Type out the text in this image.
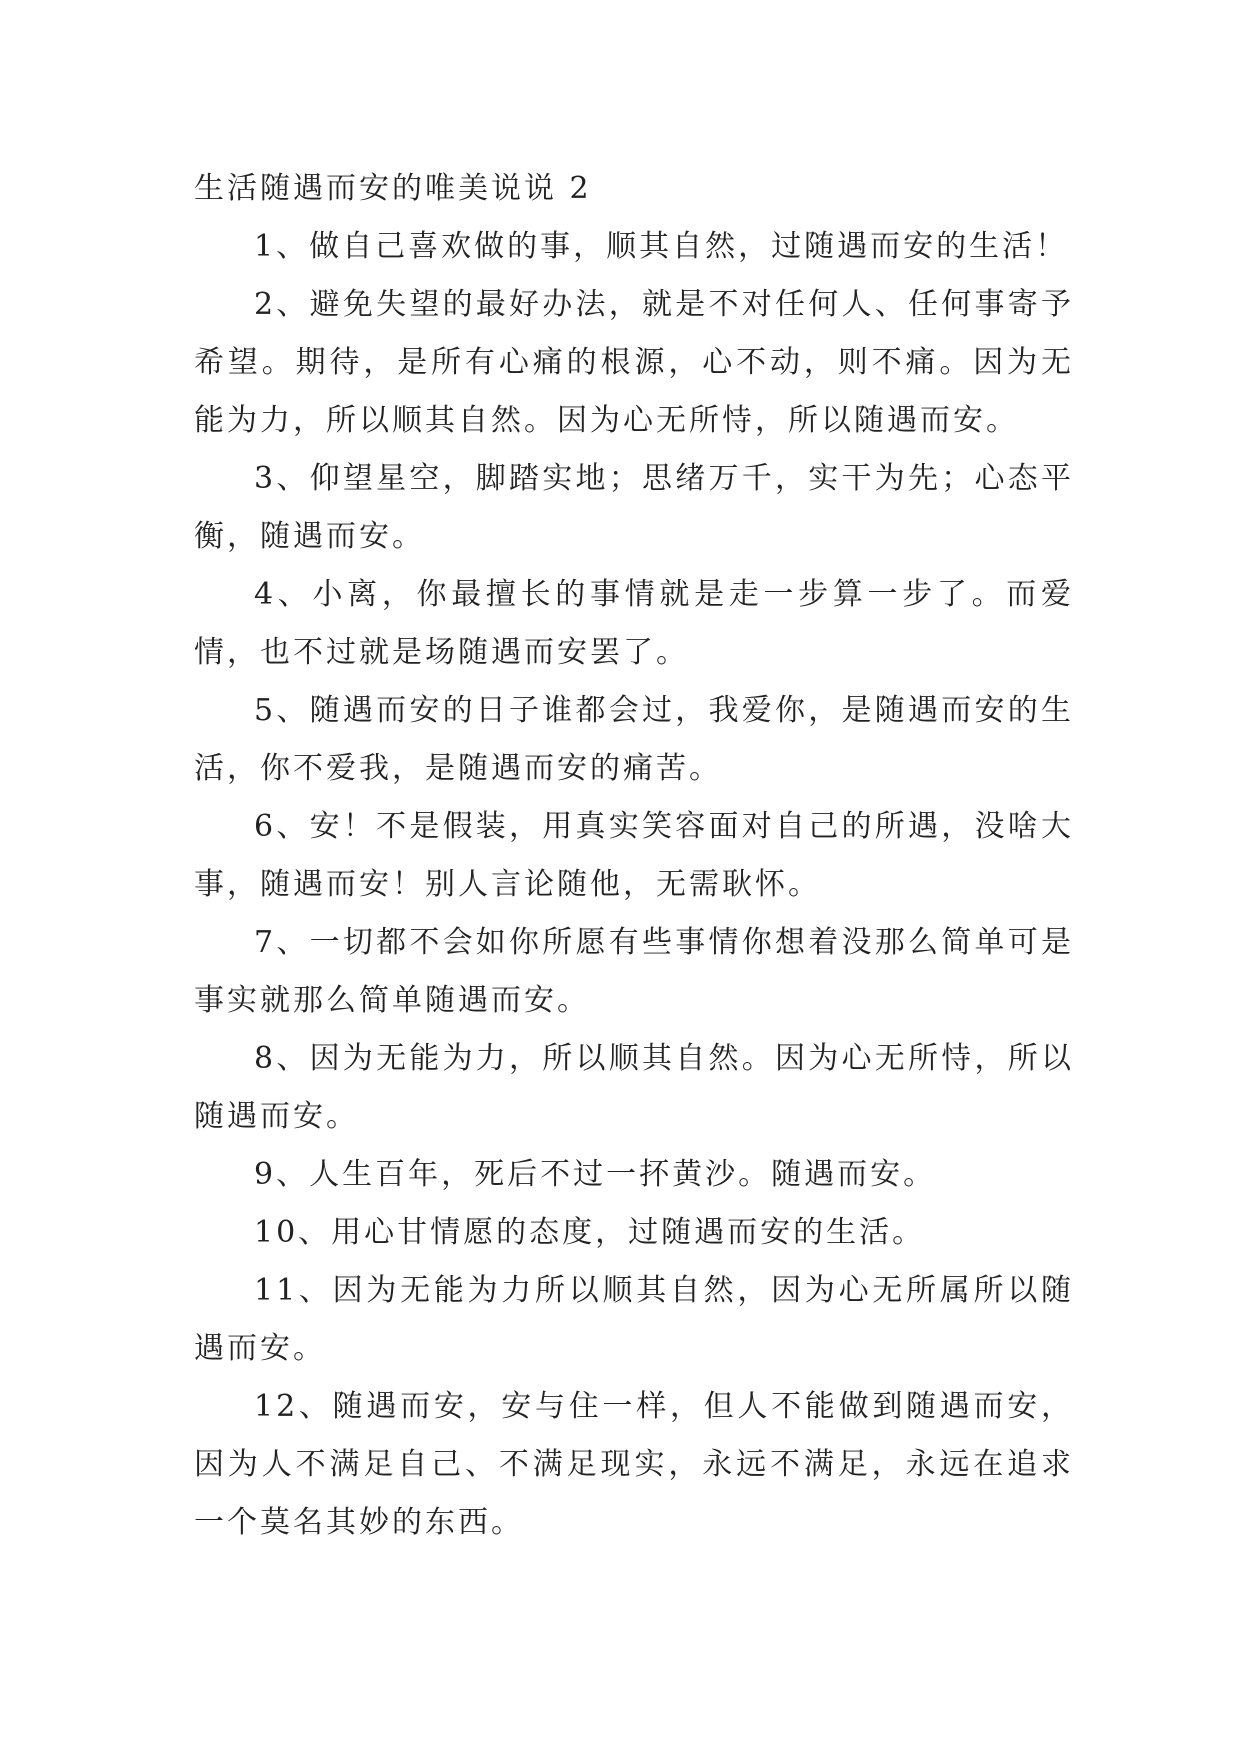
生活随遇而安的唯美说说 2

1、做自己喜欢做的事，顺其自然，过随遇而安的生活！

2、避免失望的最好办法，就是不对任何人、任何事寄予希望。期待，是所有心痛的根源，心不动，则不痛。因为无能为力，所以顺其自然。因为心无所恃，所以随遇而安。

3、仰望星空，脚踏实地；思绪万千，实干为先；心态平衡，随遇而安。

4、小离，你最擅长的事情就是走一步算一步了。而爱情，也不过就是场随遇而安罢了。

5、随遇而安的日子谁都会过，我爱你，是随遇而安的生活，你不爱我，是随遇而安的痛苦。

6、安！不是假装，用真实笑容面对自己的所遇，没啥大事，随遇而安！别人言论随他，无需耿怀。

7、一切都不会如你所愿有些事情你想着没那么简单可是事实就那么简单随遇而安。

8、因为无能为力，所以顺其自然。因为心无所恃，所以随遇而安。

9、人生百年，死后不过一抔黄沙。随遇而安。

10、用心甘情愿的态度，过随遇而安的生活。

11、因为无能为力所以顺其自然，因为心无所属所以随遇而安。

12、随遇而安，安与住一样，但人不能做到随遇而安，因为人不满足自己、不满足现实，永远不满足，永远在追求一个莫名其妙的东西。
